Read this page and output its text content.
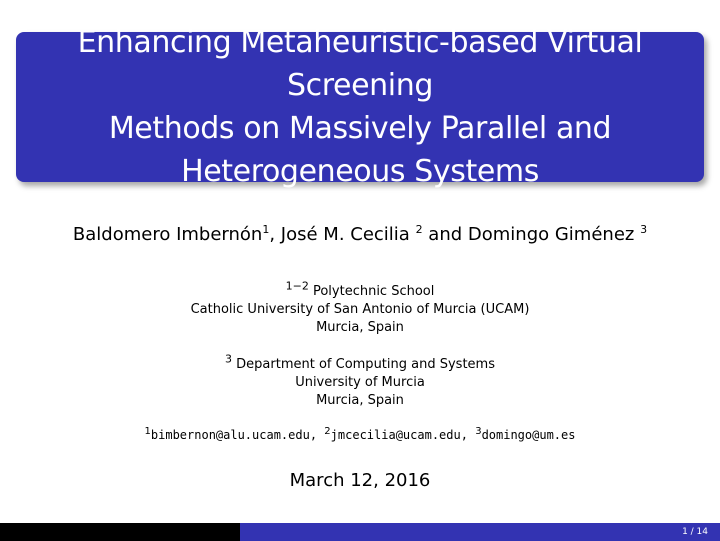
Enhancing Metaheuristic-based Virtual Screening
Methods on Massively Parallel and
Heterogeneous Systems

Baldomero Imbernón$^1$, José M. Cecilia $^2$ and Domingo Giménez $^3$
$^{1-2}$ Polytechnic School
Catholic University of San Antonio of Murcia (UCAM)
Murcia, Spain
$^3$ Department of Computing and Systems
University of Murcia
Murcia, Spain
$^1$bimbernon@alu.ucam.edu, $^2$jmcecilia@ucam.edu, $^3$domingo@um.es
March 12, 2016
1 / 14
